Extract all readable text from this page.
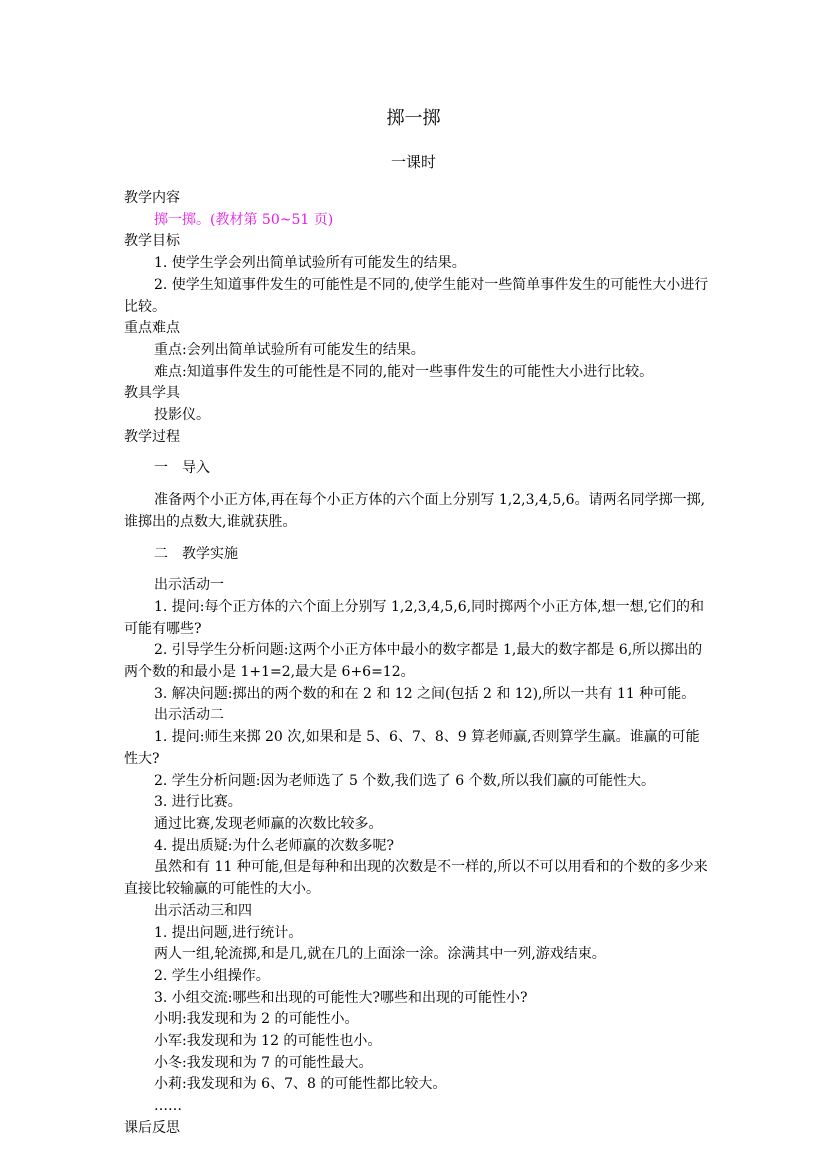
掷一掷
一课时

教学内容

掷一掷。(教材第 50~51 页)

教学目标

1. 使学生学会列出简单试验所有可能发生的结果。

2. 使学生知道事件发生的可能性是不同的,使学生能对一些简单事件发生的可能性大小进行比较。

重点难点

重点:会列出简单试验所有可能发生的结果。

难点:知道事件发生的可能性是不同的,能对一些事件发生的可能性大小进行比较。

教具学具

投影仪。

教学过程

一　导入

准备两个小正方体,再在每个小正方体的六个面上分别写 1,2,3,4,5,6。请两名同学掷一掷,谁掷出的点数大,谁就获胜。

二　教学实施

出示活动一

1. 提问:每个正方体的六个面上分别写 1,2,3,4,5,6,同时掷两个小正方体,想一想,它们的和可能有哪些?

2. 引导学生分析问题:这两个小正方体中最小的数字都是 1,最大的数字都是 6,所以掷出的两个数的和最小是 1+1=2,最大是 6+6=12。

3. 解决问题:掷出的两个数的和在 2 和 12 之间(包括 2 和 12),所以一共有 11 种可能。

出示活动二

1. 提问:师生来掷 20 次,如果和是 5、6、7、8、9 算老师赢,否则算学生赢。谁赢的可能性大?

2. 学生分析问题:因为老师选了 5 个数,我们选了 6 个数,所以我们赢的可能性大。

3. 进行比赛。

通过比赛,发现老师赢的次数比较多。

4. 提出质疑:为什么老师赢的次数多呢?

虽然和有 11 种可能,但是每种和出现的次数是不一样的,所以不可以用看和的个数的多少来直接比较输赢的可能性的大小。

出示活动三和四

1. 提出问题,进行统计。

两人一组,轮流掷,和是几,就在几的上面涂一涂。涂满其中一列,游戏结束。

2. 学生小组操作。

3. 小组交流:哪些和出现的可能性大?哪些和出现的可能性小?

小明:我发现和为 2 的可能性小。

小军:我发现和为 12 的可能性也小。

小冬:我发现和为 7 的可能性最大。

小莉:我发现和为 6、7、8 的可能性都比较大。

……

课后反思
